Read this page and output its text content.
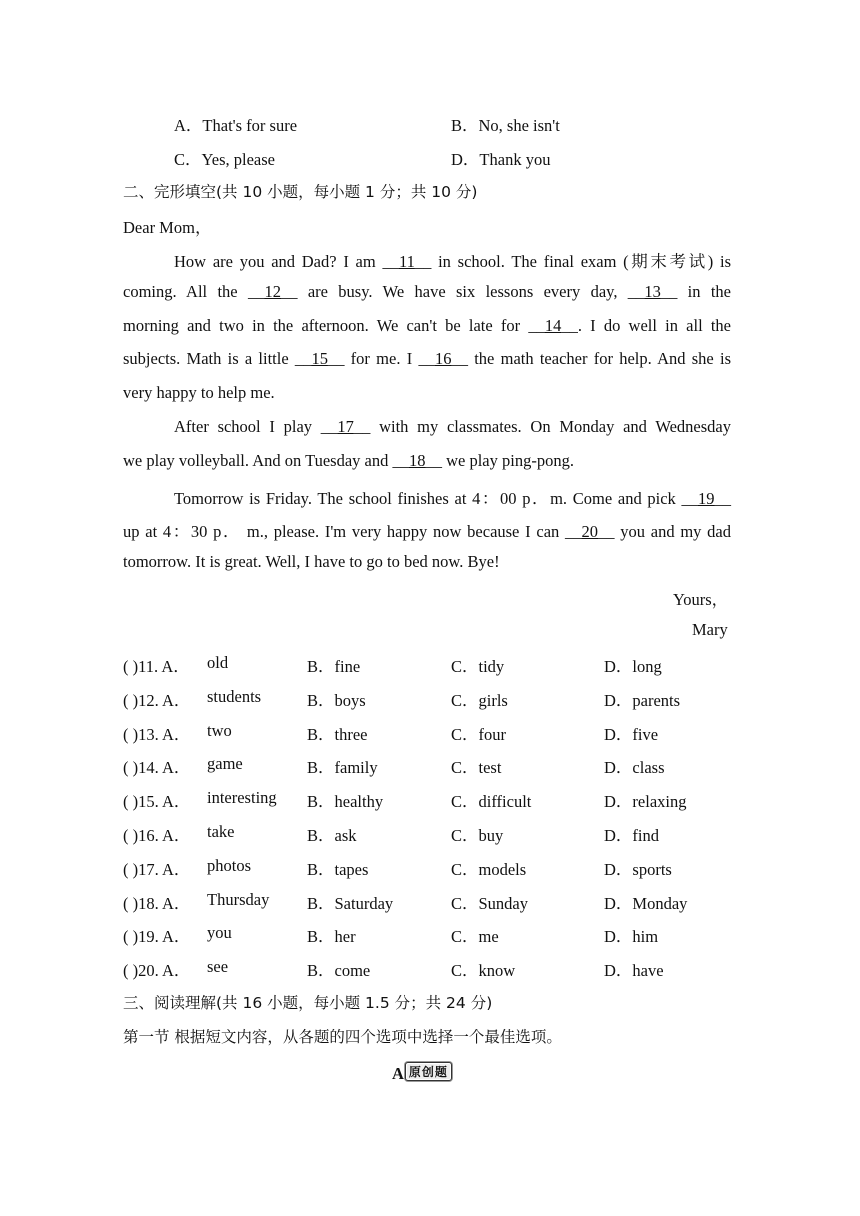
A．That's for sure	B．No, she isn't
C．Yes, please	D．Thank you
二、完形填空(共 10 小题，每小题 1 分；共 10 分)
Dear Mom，
How are you and Dad? I am __11__ in school. The final exam (期末考试) is
coming. All the __12__ are busy. We have six lessons every day, __13__ in the
morning and two in the afternoon. We can't be late for __14__. I do well in all the
subjects. Math is a little __15__ for me. I __16__ the math teacher for help. And she is
very happy to help me.
After school I play __17__ with my classmates. On Monday and Wednesday
we play volleyball. And on Tuesday and __18__ we play ping-pong.
Tomorrow is Friday. The school finishes at 4：00 p．m. Come and pick __19__
up at 4：30 p． m., please. I'm very happy now because I can __20__ you and my dad
tomorrow. It is great. Well, I have to go to bed now. Bye!
Yours，
Mary
( )11. A． old	B．fine	C．tidy	D．long
( )12. A． students	B．boys	C．girls	D．parents
( )13. A． two	B．three	C．four	D．five
( )14. A． game	B．family	C．test	D．class
( )15. A． interesting B．healthy	C．difficult	D．relaxing
( )16. A． take	B．ask	C．buy	D．find
( )17. A． photos	B．tapes	C．models	D．sports
( )18. A． Thursday B．Saturday	C．Sunday	D．Monday
( )19. A． you	B．her	C．me	D．him
( )20. A． see	B．come	C．know	D．have
三、阅读理解(共 16 小题，每小题 1.5 分；共 24 分)
第一节 根据短文内容，从各题的四个选项中选择一个最佳选项。
A 原创题
